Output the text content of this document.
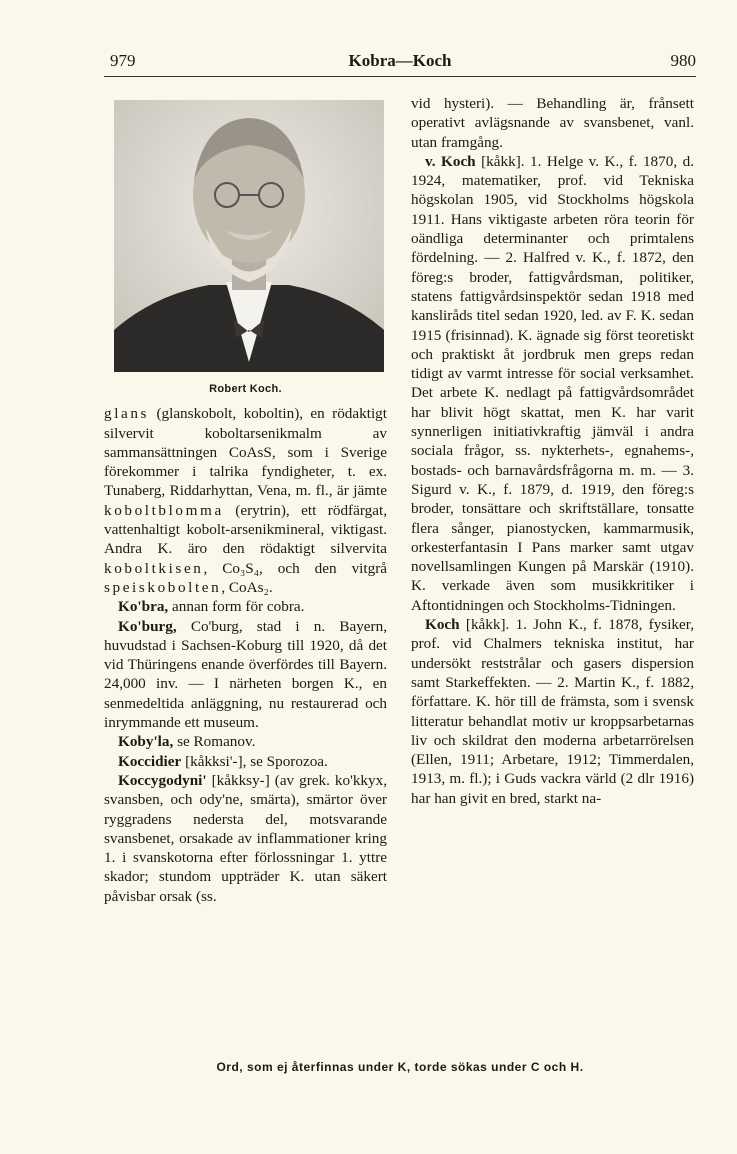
979	Kobra—Koch	980
Robert Koch.

glans (glanskobolt, koboltin), en rödaktigt silvervit koboltarsenikmalm av sammansättningen CoAsS, som i Sverige förekommer i talrika fyndigheter, t. ex. Tunaberg, Riddarhyttan, Vena, m. fl., är jämte koboltblomma (erytrin), ett rödfärgat, vattenhaltigt kobolt-arsenikmineral, viktigast. Andra K. äro den rödaktigt silvervita koboltkisen, Co₃S₄, och den vitgrå speiskobolten, CoAs₂.

Ko'bra, annan form för cobra.

Ko'burg, Co'burg, stad i n. Bayern, huvudstad i Sachsen-Koburg till 1920, då det vid Thüringens enande överfördes till Bayern. 24,000 inv. — I närheten borgen K., en senmedeltida anläggning, nu restaurerad och inrymmande ett museum.

Koby'la, se Romanov.

Koccidier [kåkksi'-], se Sporozoa.

Koccygodyni' [kåkksy-] (av grek. ko'kkyx, svansben, och ody'ne, smärta), smärtor över ryggradens nedersta del, motsvarande svansbenet, orsakade av inflammationer kring 1. i svanskotorna efter förlossningar 1. yttre skador; stundom uppträder K. utan säkert påvisbar orsak (ss.

vid hysteri). — Behandling är, frånsett operativt avlägsnande av svansbenet, vanl. utan framgång.

v. Koch [kåkk]. 1. Helge v. K., f. 1870, d. 1924, matematiker, prof. vid Tekniska högskolan 1905, vid Stockholms högskola 1911. Hans viktigaste arbeten röra teorin för oändliga determinanter och primtalens fördelning. — 2. Halfred v. K., f. 1872, den föreg:s broder, fattigvårdsman, politiker, statens fattigvårdsinspektör sedan 1918 med kansliråds titel sedan 1920, led. av F. K. sedan 1915 (frisinnad). K. ägnade sig först teoretiskt och praktiskt åt jordbruk men greps redan tidigt av varmt intresse för social verksamhet. Det arbete K. nedlagt på fattigvårdsområdet har blivit högt skattat, men K. har varit synnerligen initiativkraftig jämväl i andra sociala frågor, ss. nykterhets-, egnahems-, bostads- och barnavårdsfrågorna m. m. — 3. Sigurd v. K., f. 1879, d. 1919, den föreg:s broder, tonsättare och skriftställare, tonsatte flera sånger, pianostycken, kammarmusik, orkesterfantasin I Pans marker samt utgav novellsamlingen Kungen på Marskär (1910). K. verkade även som musikkritiker i Aftontidningen och Stockholms-Tidningen.

Koch [kåkk]. 1. John K., f. 1878, fysiker, prof. vid Chalmers tekniska institut, har undersökt reststrålar och gasers dispersion samt Starkeffekten. — 2. Martin K., f. 1882, författare. K. hör till de främsta, som i svensk litteratur behandlat motiv ur kroppsarbetarnas liv och skildrat den moderna arbetarrörelsen (Ellen, 1911; Arbetare, 1912; Timmerdalen, 1913, m. fl.); i Guds vackra värld (2 dlr 1916) har han givit en bred, starkt na-

Ord, som ej återfinnas under K, torde sökas under C och H.
